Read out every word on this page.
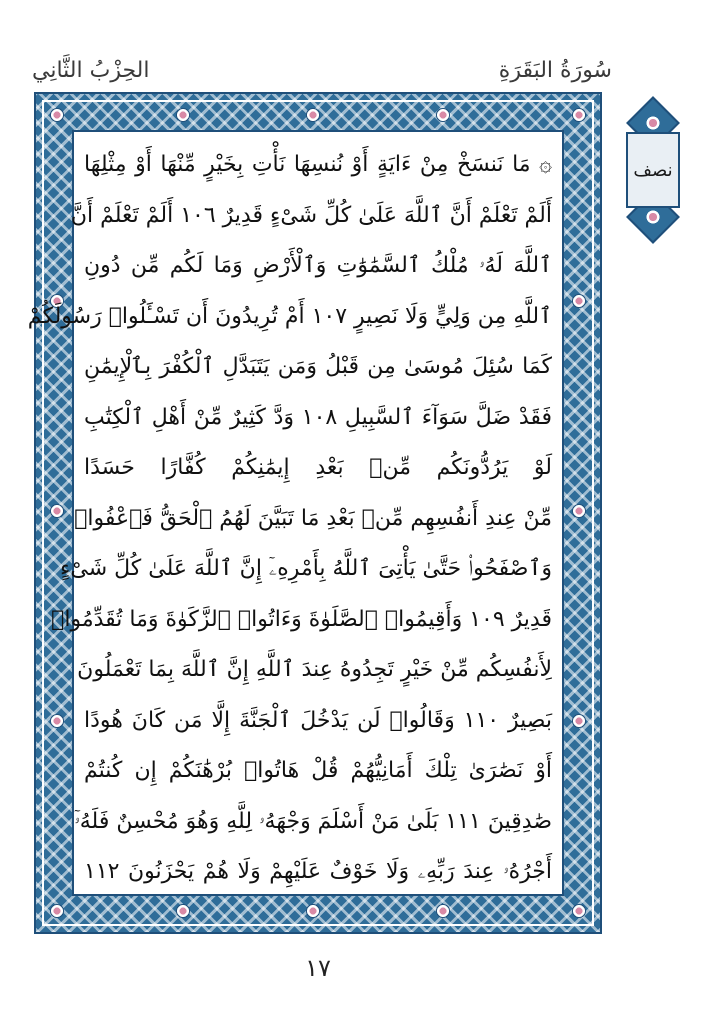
سُورَةُ البَقَرَةِ
الحِزْبُ الثَّانِي
۞ مَا نَنسَخْ مِنْ ءَايَةٍ أَوْ نُنسِهَا نَأْتِ بِخَيْرٍ مِّنْهَا أَوْ مِثْلِهَا
أَلَمْ تَعْلَمْ أَنَّ ٱللَّهَ عَلَىٰ كُلِّ شَىْءٍ قَدِيرٌ ١٠٦ أَلَمْ تَعْلَمْ أَنَّ
ٱللَّهَ لَهُۥ مُلْكُ ٱلسَّمَٰوَٰتِ وَٱلْأَرْضِ وَمَا لَكُم مِّن دُونِ
ٱللَّهِ مِن وَلِيٍّ وَلَا نَصِيرٍ ١٠٧ أَمْ تُرِيدُونَ أَن تَسْـَٔلُوا۟ رَسُولَكُمْ
كَمَا سُئِلَ مُوسَىٰ مِن قَبْلُ وَمَن يَتَبَدَّلِ ٱلْكُفْرَ بِٱلْإِيمَٰنِ
فَقَدْ ضَلَّ سَوَآءَ ٱلسَّبِيلِ ١٠٨ وَدَّ كَثِيرٌ مِّنْ أَهْلِ ٱلْكِتَٰبِ
لَوْ يَرُدُّونَكُم مِّنۢ بَعْدِ إِيمَٰنِكُمْ كُفَّارًا حَسَدًا
مِّنْ عِندِ أَنفُسِهِم مِّنۢ بَعْدِ مَا تَبَيَّنَ لَهُمُ ٱلْحَقُّ فَٱعْفُوا۟
وَٱصْفَحُوا۟ حَتَّىٰ يَأْتِىَ ٱللَّهُ بِأَمْرِهِۦٓ إِنَّ ٱللَّهَ عَلَىٰ كُلِّ شَىْءٍ
قَدِيرٌ ١٠٩ وَأَقِيمُوا۟ ٱلصَّلَوٰةَ وَءَاتُوا۟ ٱلزَّكَوٰةَ وَمَا تُقَدِّمُوا۟
لِأَنفُسِكُم مِّنْ خَيْرٍ تَجِدُوهُ عِندَ ٱللَّهِ إِنَّ ٱللَّهَ بِمَا تَعْمَلُونَ
بَصِيرٌ ١١٠ وَقَالُوا۟ لَن يَدْخُلَ ٱلْجَنَّةَ إِلَّا مَن كَانَ هُودًا
أَوْ نَصَٰرَىٰ تِلْكَ أَمَانِيُّهُمْ قُلْ هَاتُوا۟ بُرْهَٰنَكُمْ إِن كُنتُمْ
صَٰدِقِينَ ١١١ بَلَىٰ مَنْ أَسْلَمَ وَجْهَهُۥ لِلَّهِ وَهُوَ مُحْسِنٌ فَلَهُۥٓ
أَجْرُهُۥ عِندَ رَبِّهِۦ وَلَا خَوْفٌ عَلَيْهِمْ وَلَا هُمْ يَحْزَنُونَ ١١٢
نصف
١٧
